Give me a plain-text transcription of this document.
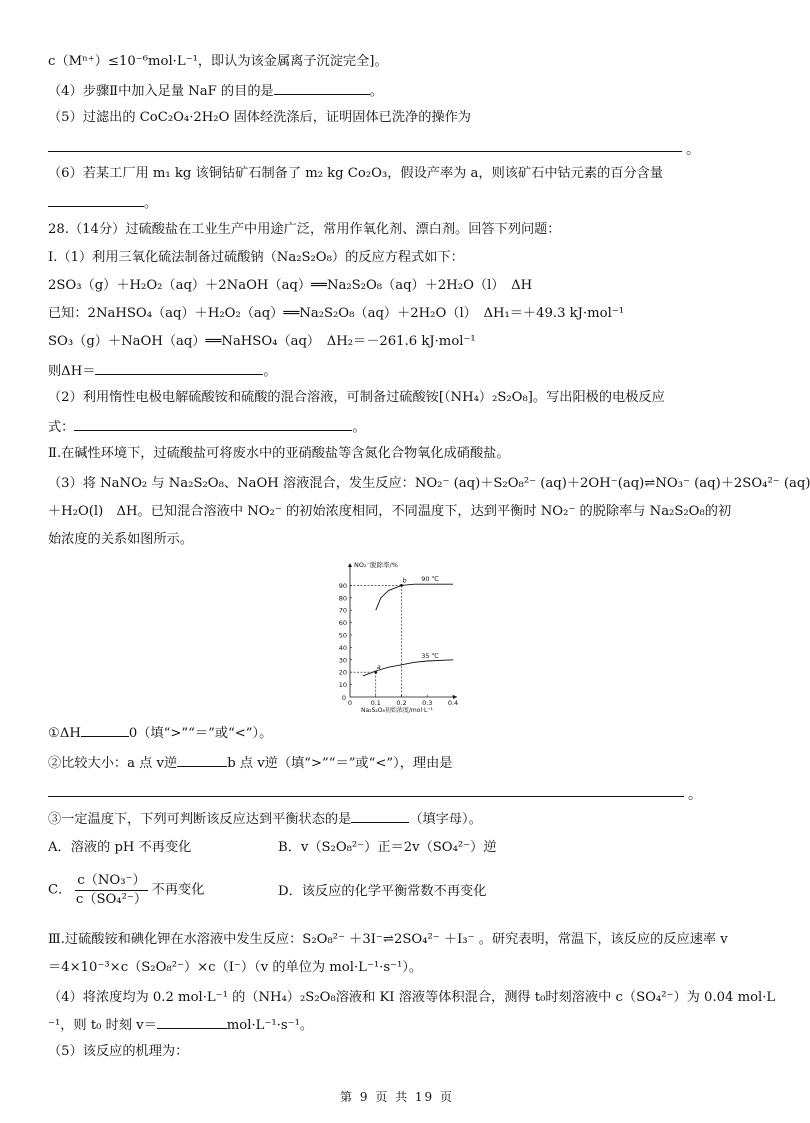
c（Mⁿ⁺）≤10⁻⁶mol·L⁻¹，即认为该金属离子沉淀完全]。
（4）步骤Ⅱ中加入足量 NaF 的目的是	。
（5）过滤出的 CoC₂O₄·2H₂O 固体经洗涤后，证明固体已洗净的操作为
。
（6）若某工厂用 m₁ kg 该铜钴矿石制备了 m₂ kg Co₂O₃，假设产率为 a，则该矿石中钴元素的百分含量
。
28.（14分）过硫酸盐在工业生产中用途广泛，常用作氧化剂、漂白剂。回答下列问题：
Ⅰ.（1）利用三氧化硫法制备过硫酸钠（Na₂S₂O₈）的反应方程式如下：
2SO₃（g）＋H₂O₂（aq）＋2NaOH（aq）══Na₂S₂O₈（aq）＋2H₂O（l）　ΔH
已知：2NaHSO₄（aq）＋H₂O₂（aq）══Na₂S₂O₈（aq）＋2H₂O（l）　ΔH₁＝＋49.3 kJ·mol⁻¹
SO₃（g）＋NaOH（aq）══NaHSO₄（aq）　ΔH₂＝－261.6 kJ·mol⁻¹
则ΔH＝	。
（2）利用惰性电极电解硫酸铵和硫酸的混合溶液，可制备过硫酸铵[（NH₄）₂S₂O₈]。写出阳极的电极反应
式：	。
Ⅱ.在碱性环境下，过硫酸盐可将废水中的亚硝酸盐等含氮化合物氧化成硝酸盐。
（3）将 NaNO₂ 与 Na₂S₂O₈、NaOH 溶液混合，发生反应：NO₂⁻ (aq)＋S₂O₈²⁻ (aq)＋2OH⁻(aq)⇌NO₃⁻ (aq)＋2SO₄²⁻ (aq)
＋H₂O(l)　ΔH。已知混合溶液中 NO₂⁻ 的初始浓度相同，不同温度下，达到平衡时 NO₂⁻ 的脱除率与 Na₂S₂O₈的初
始浓度的关系如图所示。
NO₂⁻脱除率/%
Na₂S₂O₈初始浓度/mol·L⁻¹
0	0.1 0.2 0.3 0.4
0
10
20
30
40
50
60
70
80
90
90 ℃
35 ℃
a
b
①ΔH	0（填“>”“＝”或“<”）。
②比较大小：a 点 v逆	b 点 v逆（填“>”“＝”或“<”），理由是
。
③一定温度下，下列可判断该反应达到平衡状态的是	（填字母）。
A．溶液的 pH 不再变化	B．v（S₂O₈²⁻）正＝2v（SO₄²⁻）逆
C． $\frac{\text{c（NO₃⁻）}}{\text{c（SO₄²⁻）}}$ 不再变化	D．该反应的化学平衡常数不再变化
Ⅲ.过硫酸铵和碘化钾在水溶液中发生反应：S₂O₈²⁻ ＋3I⁻⇌2SO₄²⁻ ＋I₃⁻ 。研究表明，常温下，该反应的反应速率 v
＝4×10⁻³×c（S₂O₈²⁻）×c（I⁻）（v 的单位为 mol·L⁻¹·s⁻¹）。
（4）将浓度均为 0.2 mol·L⁻¹ 的（NH₄）₂S₂O₈溶液和 KI 溶液等体积混合，测得 t₀时刻溶液中 c（SO₄²⁻）为 0.04 mol·L
⁻¹，则 t₀ 时刻 v＝	mol·L⁻¹·s⁻¹。
（5）该反应的机理为：
第 9 页 共 19 页
